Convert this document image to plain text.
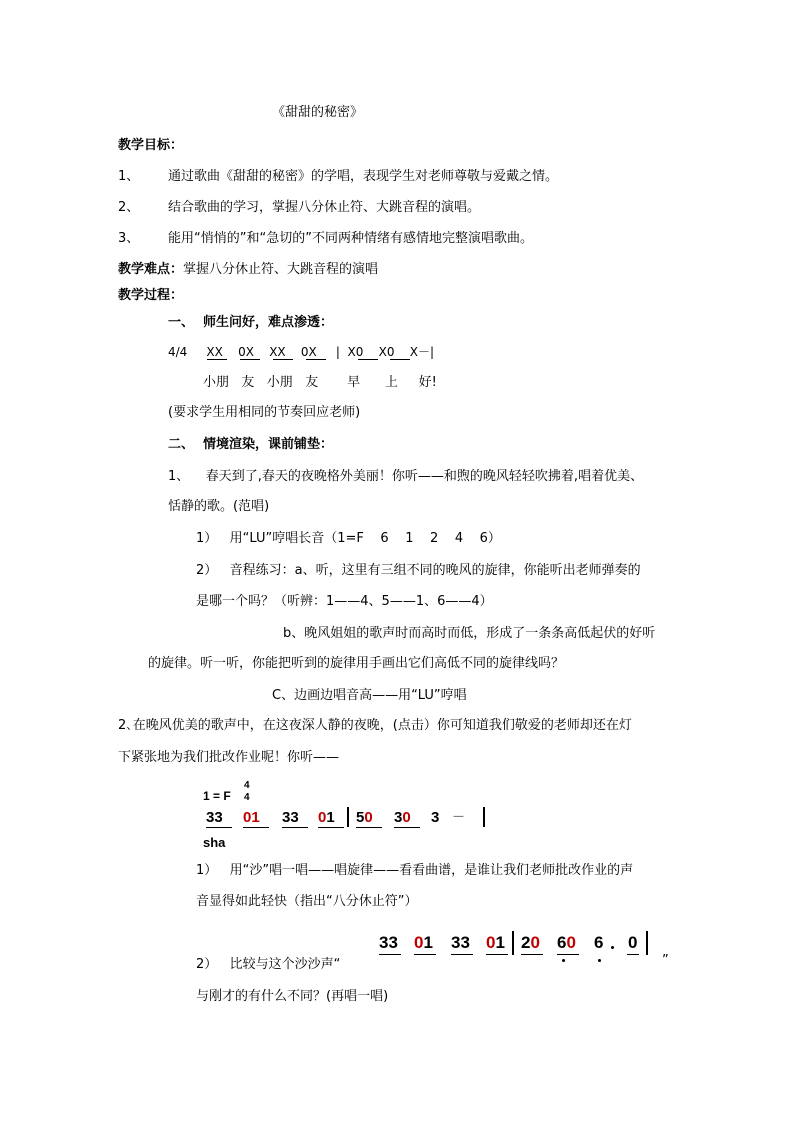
《甜甜的秘密》
教学目标：
1、 通过歌曲《甜甜的秘密》的学唱，表现学生对老师尊敬与爱戴之情。
2、 结合歌曲的学习，掌握八分休止符、大跳音程的演唱。
3、 能用“悄悄的”和“急切的”不同两种情绪有感情地完整演唱歌曲。
教学难点：掌握八分休止符、大跳音程的演唱
教学过程：
一、  师生问好，难点渗透：
4/4     XX    0X    XX    0X     |  X0    X0    X－|
小朋   友   小朋   友       早      上     好!
(要求学生用相同的节奏回应老师)
二、  情境渲染，课前铺垫：
1、    春天到了,春天的夜晚格外美丽！你听——和煦的晚风轻轻吹拂着,唱着优美、
恬静的歌。(范唱)
1）   用“LU”哼唱长音（1=F    6    1    2    4    6）
2）   音程练习：a、听，这里有三组不同的晚风的旋律，你能听出老师弹奏的
是哪一个吗？（听辨：1——4、5——1、6——4）
b、晚风姐姐的歌声时而高时而低，形成了一条条高低起伏的好听
的旋律。听一听，你能把听到的旋律用手画出它们高低不同的旋律线吗？
C、边画边唱音高——用“LU”哼唱
2､在晚风优美的歌声中，在这夜深人静的夜晚，(点击）你可知道我们敬爱的老师却还在灯
下紧张地为我们批改作业呢！你听——
1 = F
4
4
33 01 33 01 50 30 3 －
sha
1）   用“沙”唱一唱——唱旋律——看看曲谱，是谁让我们老师批改作业的声
音显得如此轻快（指出“八分休止符”）
33 01 33 01 20 60 6 0
2）   比较与这个沙沙声“	”
与刚才的有什么不同？(再唱一唱)
